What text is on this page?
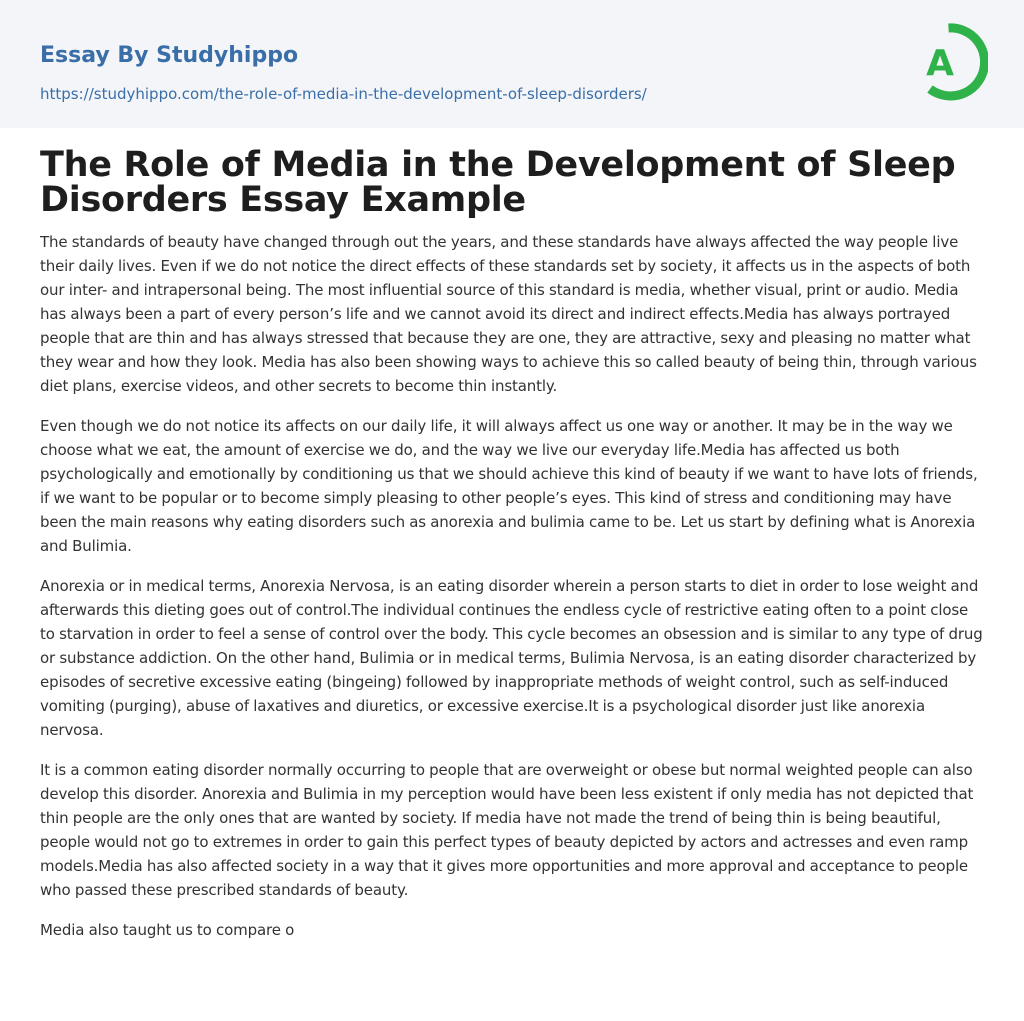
Essay By Studyhippo
https://studyhippo.com/the-role-of-media-in-the-development-of-sleep-disorders/
A
The Role of Media in the Development of Sleep Disorders Essay Example

The standards of beauty have changed through out the years, and these standards have always affected the way people live their daily lives. Even if we do not notice the direct effects of these standards set by society, it affects us in the aspects of both our inter- and intrapersonal being. The most influential source of this standard is media, whether visual, print or audio. Media has always been a part of every person’s life and we cannot avoid its direct and indirect effects.Media has always portrayed people that are thin and has always stressed that because they are one, they are attractive, sexy and pleasing no matter what they wear and how they look. Media has also been showing ways to achieve this so called beauty of being thin, through various diet plans, exercise videos, and other secrets to become thin instantly.

Even though we do not notice its affects on our daily life, it will always affect us one way or another. It may be in the way we choose what we eat, the amount of exercise we do, and the way we live our everyday life.Media has affected us both psychologically and emotionally by conditioning us that we should achieve this kind of beauty if we want to have lots of friends, if we want to be popular or to become simply pleasing to other people’s eyes. This kind of stress and conditioning may have been the main reasons why eating disorders such as anorexia and bulimia came to be. Let us start by defining what is Anorexia and Bulimia.

Anorexia or in medical terms, Anorexia Nervosa, is an eating disorder wherein a person starts to diet in order to lose weight and afterwards this dieting goes out of control.The individual continues the endless cycle of restrictive eating often to a point close to starvation in order to feel a sense of control over the body. This cycle becomes an obsession and is similar to any type of drug or substance addiction. On the other hand, Bulimia or in medical terms, Bulimia Nervosa, is an eating disorder characterized by episodes of secretive excessive eating (bingeing) followed by inappropriate methods of weight control, such as self-induced vomiting (purging), abuse of laxatives and diuretics, or excessive exercise.It is a psychological disorder just like anorexia nervosa.

It is a common eating disorder normally occurring to people that are overweight or obese but normal weighted people can also develop this disorder. Anorexia and Bulimia in my perception would have been less existent if only media has not depicted that thin people are the only ones that are wanted by society. If media have not made the trend of being thin is being beautiful, people would not go to extremes in order to gain this perfect types of beauty depicted by actors and actresses and even ramp models.Media has also affected society in a way that it gives more opportunities and more approval and acceptance to people who passed these prescribed standards of beauty.

Media also taught us to compare o
